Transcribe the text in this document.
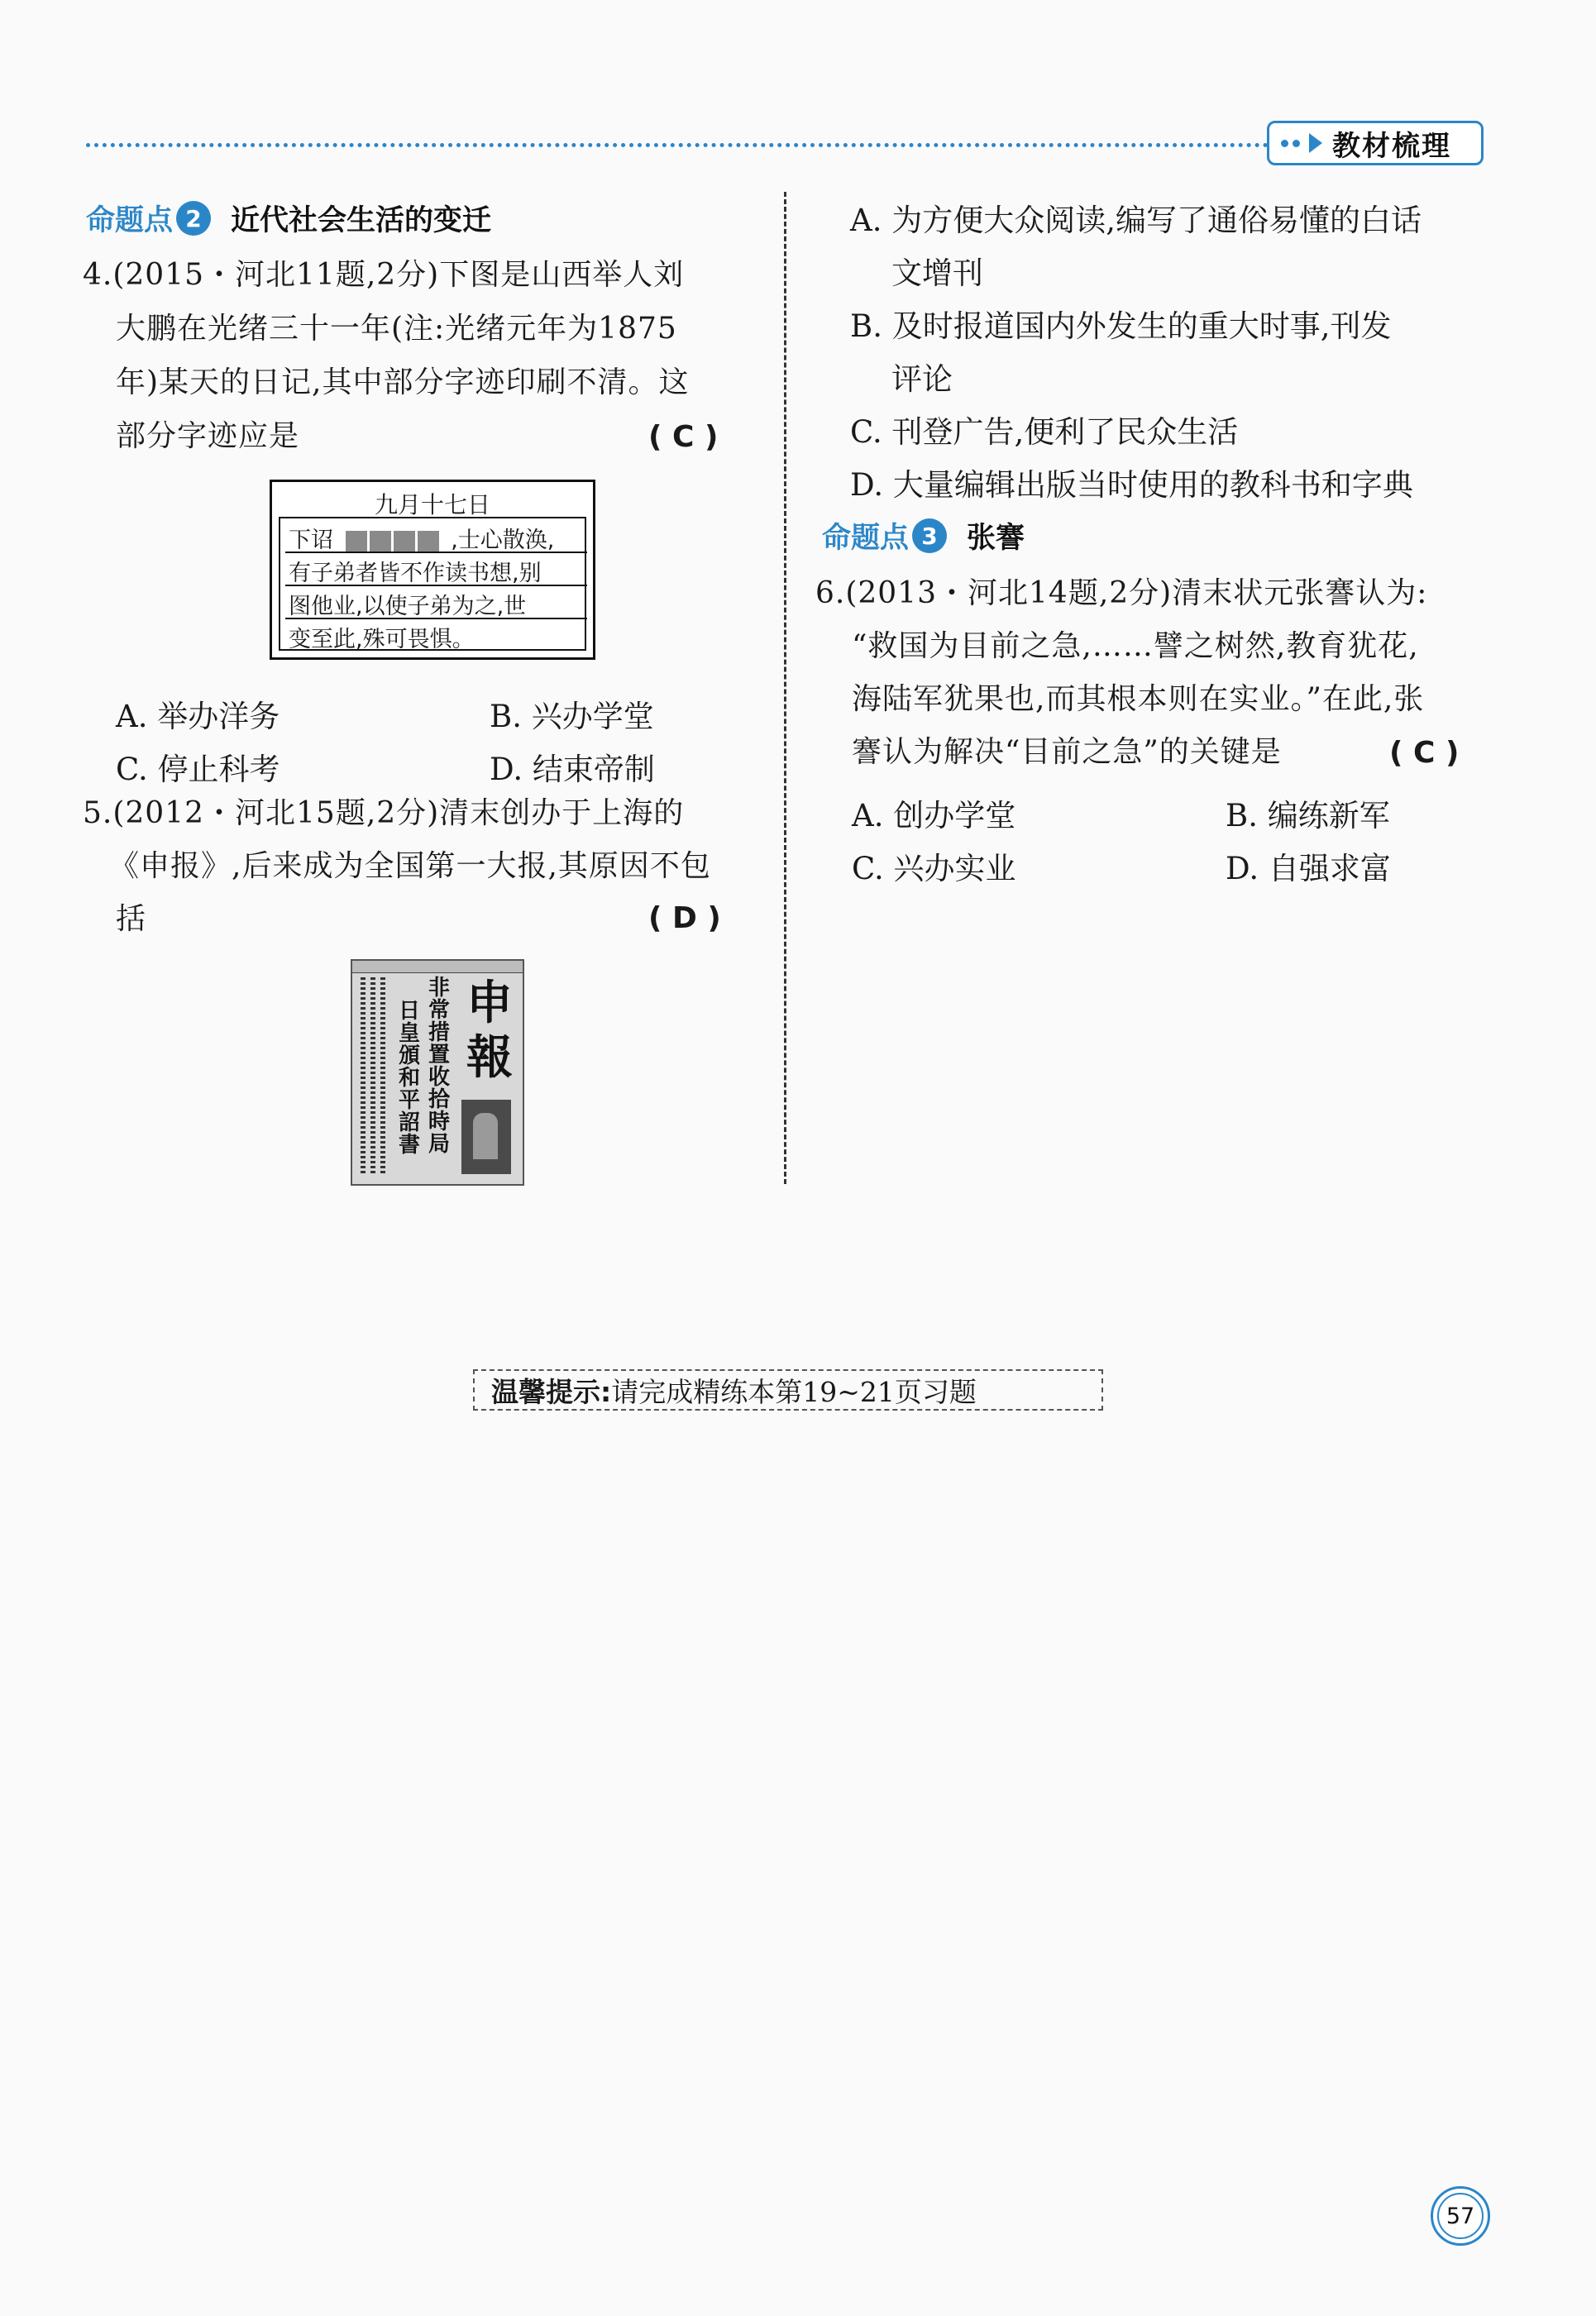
教材梳理
命题点 2	近代社会生活的变迁
4.(2015・河北11题,2分)下图是山西举人刘
大鹏在光绪三十一年(注:光绪元年为1875
年)某天的日记,其中部分字迹印刷不清。这
部分字迹应是	( C )
九月十七日
下诏	,士心散涣,
有子弟者皆不作读书想,别
图他业,以使子弟为之,世
变至此,殊可畏惧。
A. 举办洋务	B. 兴办学堂
C. 停止科考	D. 结束帝制
5.(2012・河北15题,2分)清末创办于上海的
《申报》,后来成为全国第一大报,其原因不包
括	( D )
申報
非常措置收拾時局
日皇頒和平詔書
A. 为方便大众阅读,编写了通俗易懂的白话
文增刊
B. 及时报道国内外发生的重大时事,刊发
评论
C. 刊登广告,便利了民众生活
D. 大量编辑出版当时使用的教科书和字典
命题点 3	张謇
6.(2013・河北14题,2分)清末状元张謇认为:
“救国为目前之急,……譬之树然,教育犹花,
海陆军犹果也,而其根本则在实业。”在此,张
謇认为解决“目前之急”的关键是	( C )
A. 创办学堂	B. 编练新军
C. 兴办实业	D. 自强求富
温馨提示: 请完成精练本第19~21页习题
57
